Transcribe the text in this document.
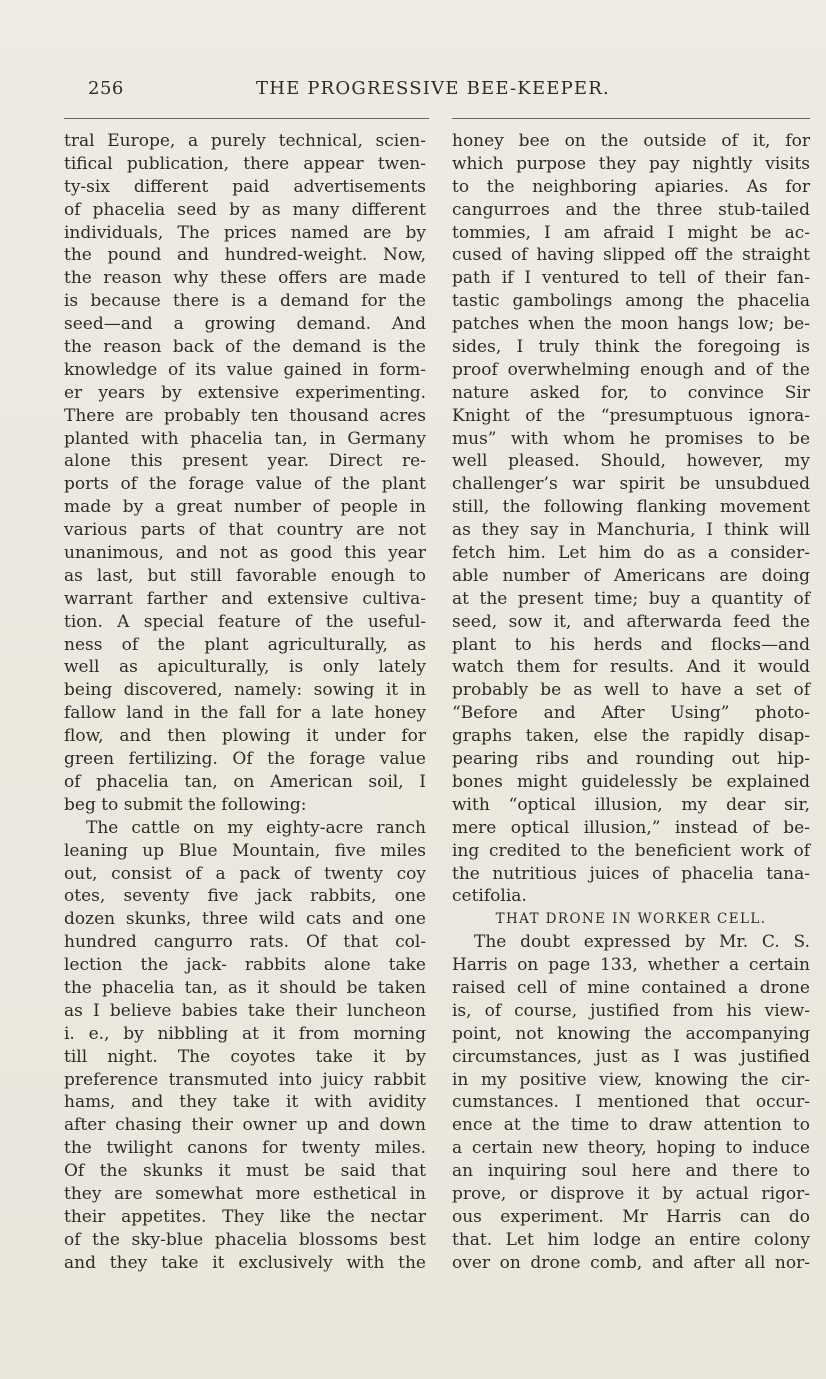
256	THE PROGRESSIVE BEE-KEEPER.
tral Europe, a purely technical, scien-
tifical publication, there appear twen-
ty-six different paid advertisements
of phacelia seed by as many different
individuals, The prices named are by
the pound and hundred-weight. Now,
the reason why these offers are made
is because there is a demand for the
seed—and a growing demand. And
the reason back of the demand is the
knowledge of its value gained in form-
er years by extensive experimenting.
There are probably ten thousand acres
planted with phacelia tan, in Germany
alone this present year. Direct re-
ports of the forage value of the plant
made by a great number of people in
various parts of that country are not
unanimous, and not as good this year
as last, but still favorable enough to
warrant farther and extensive cultiva-
tion. A special feature of the useful-
ness of the plant agriculturally, as
well as apiculturally, is only lately
being discovered, namely: sowing it in
fallow land in the fall for a late honey
flow, and then plowing it under for
green fertilizing. Of the forage value
of phacelia tan, on American soil, I
beg to submit the following:
The cattle on my eighty-acre ranch
leaning up Blue Mountain, five miles
out, consist of a pack of twenty coy
otes, seventy five jack rabbits, one
dozen skunks, three wild cats and one
hundred cangurro rats. Of that col-
lection the jack- rabbits alone take
the phacelia tan, as it should be taken
as I believe babies take their luncheon
i. e., by nibbling at it from morning
till night. The coyotes take it by
preference transmuted into juicy rabbit
hams, and they take it with avidity
after chasing their owner up and down
the twilight canons for twenty miles.
Of the skunks it must be said that
they are somewhat more esthetical in
their appetites. They like the nectar
of the sky-blue phacelia blossoms best
and they take it exclusively with the
honey bee on the outside of it, for
which purpose they pay nightly visits
to the neighboring apiaries. As for
cangurroes and the three stub-tailed
tommies, I am afraid I might be ac-
cused of having slipped off the straight
path if I ventured to tell of their fan-
tastic gambolings among the phacelia
patches when the moon hangs low; be-
sides, I truly think the foregoing is
proof overwhelming enough and of the
nature asked for, to convince Sir
Knight of the “presumptuous ignora-
mus” with whom he promises to be
well pleased. Should, however, my
challenger’s war spirit be unsubdued
still, the following flanking movement
as they say in Manchuria, I think will
fetch him. Let him do as a consider-
able number of Americans are doing
at the present time; buy a quantity of
seed, sow it, and afterwarda feed the
plant to his herds and flocks—and
watch them for results. And it would
probably be as well to have a set of
“Before and After Using” photo-
graphs taken, else the rapidly disap-
pearing ribs and rounding out hip-
bones might guidelessly be explained
with “optical illusion, my dear sir,
mere optical illusion,” instead of be-
ing credited to the beneficient work of
the nutritious juices of phacelia tana-
cetifolia.
THAT DRONE IN WORKER CELL.
The doubt expressed by Mr. C. S.
Harris on page 133, whether a certain
raised cell of mine contained a drone
is, of course, justified from his view-
point, not knowing the accompanying
circumstances, just as I was justified
in my positive view, knowing the cir-
cumstances. I mentioned that occur-
ence at the time to draw attention to
a certain new theory, hoping to induce
an inquiring soul here and there to
prove, or disprove it by actual rigor-
ous experiment. Mr Harris can do
that. Let him lodge an entire colony
over on drone comb, and after all nor-
